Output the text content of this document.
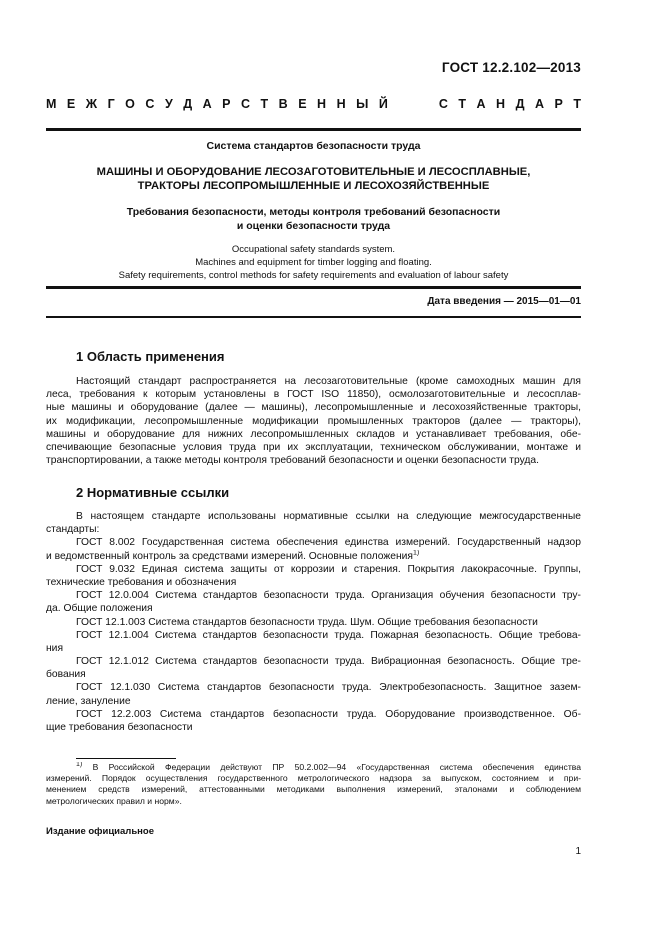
ГОСТ 12.2.102—2013
М Е Ж Г О С У Д А Р С Т В Е Н Н Ы Й	С Т А Н Д А Р Т
Система стандартов безопасности труда
МАШИНЫ И ОБОРУДОВАНИЕ ЛЕСОЗАГОТОВИТЕЛЬНЫЕ И ЛЕСОСПЛАВНЫЕ,
ТРАКТОРЫ ЛЕСОПРОМЫШЛЕННЫЕ И ЛЕСОХОЗЯЙСТВЕННЫЕ
Требования безопасности, методы контроля требований безопасности
и оценки безопасности труда
Occupational safety standards system.
Machines and equipment for timber logging and floating.
Safety requirements, control methods for safety requirements and evaluation of labour safety
Дата введения — 2015—01—01
1 Область применения
Настоящий стандарт распространяется на лесозаготовительные (кроме самоходных машин для
леса, требования к которым установлены в ГОСТ ISO 11850), осмолозаготовительные и лесосплав-
ные машины и оборудование (далее — машины), лесопромышленные и лесохозяйственные тракторы,
их модификации, лесопромышленные модификации промышленных тракторов (далее — тракторы),
машины и оборудование для нижних лесопромышленных складов и устанавливает требования, обе-
спечивающие безопасные условия труда при их эксплуатации, техническом обслуживании, монтаже и
транспортировании, а также методы контроля требований безопасности и оценки безопасности труда.
2 Нормативные ссылки
В настоящем стандарте использованы нормативные ссылки на следующие межгосударственные
стандарты:
ГОСТ 8.002 Государственная система обеспечения единства измерений. Государственный надзор
и ведомственный контроль за средствами измерений. Основные положения$^{1)}$
ГОСТ 9.032 Единая система защиты от коррозии и старения. Покрытия лакокрасочные. Группы,
технические требования и обозначения
ГОСТ 12.0.004 Система стандартов безопасности труда. Организация обучения безопасности тру-
да. Общие положения
ГОСТ 12.1.003 Система стандартов безопасности труда. Шум. Общие требования безопасности
ГОСТ 12.1.004 Система стандартов безопасности труда. Пожарная безопасность. Общие требова-
ния
ГОСТ 12.1.012 Система стандартов безопасности труда. Вибрационная безопасность. Общие тре-
бования
ГОСТ 12.1.030 Система стандартов безопасности труда. Электробезопасность. Защитное зазем-
ление, зануление
ГОСТ 12.2.003 Система стандартов безопасности труда. Оборудование производственное. Об-
щие требования безопасности
$^{1)}$ В Российской Федерации действуют ПР 50.2.002—94 «Государственная система обеспечения единства
измерений. Порядок осуществления государственного метрологического надзора за выпуском, состоянием и при-
менением средств измерений, аттестованными методиками выполнения измерений, эталонами и соблюдением
метрологических правил и норм».
Издание официальное
1
